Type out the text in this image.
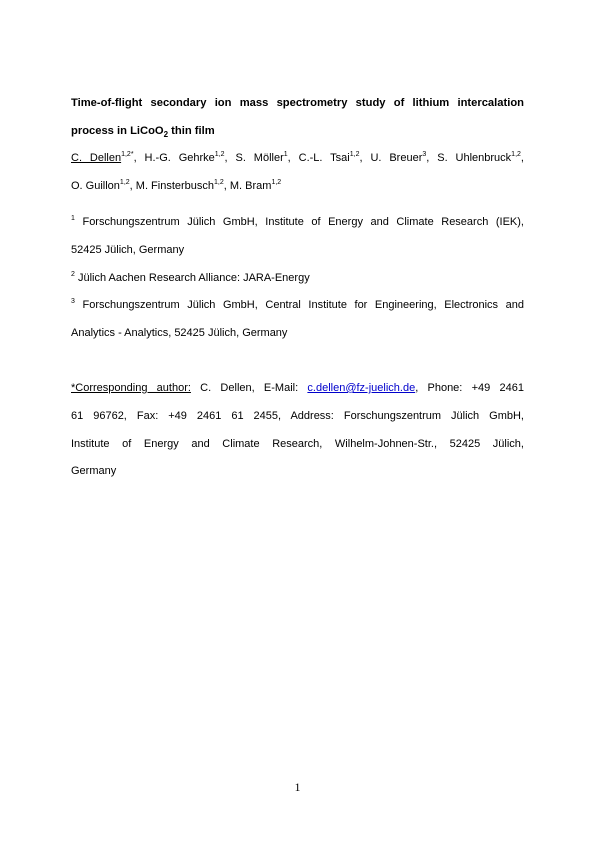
Time-of-flight secondary ion mass spectrometry study of lithium intercalation
process in LiCoO$_2$ thin film
C. Dellen$^{1,2*}$, H.-G. Gehrke$^{1,2}$, S. Möller$^1$, C.-L. Tsai$^{1,2}$, U. Breuer$^3$, S. Uhlenbruck$^{1,2}$,
O. Guillon$^{1,2}$, M. Finsterbusch$^{1,2}$, M. Bram$^{1,2}$
$^1$ Forschungszentrum Jülich GmbH, Institute of Energy and Climate Research (IEK),
52425 Jülich, Germany
$^2$ Jülich Aachen Research Alliance: JARA-Energy
$^3$ Forschungszentrum Jülich GmbH, Central Institute for Engineering, Electronics and
Analytics - Analytics, 52425 Jülich, Germany
*Corresponding author: C. Dellen, E-Mail: c.dellen@fz-juelich.de, Phone: +49 2461
61 96762, Fax: +49 2461 61 2455, Address: Forschungszentrum Jülich GmbH,
Institute of Energy and Climate Research, Wilhelm-Johnen-Str., 52425 Jülich,
Germany
1
